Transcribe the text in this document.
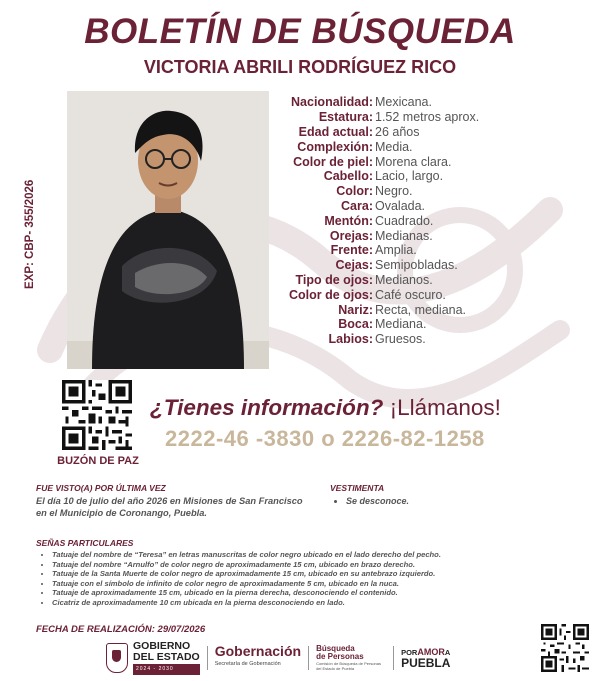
BOLETÍN DE BÚSQUEDA
VICTORIA ABRILI RODRÍGUEZ RICO
EXP: CBP- 355/2026
Nacionalidad: Mexicana.
Estatura: 1.52 metros aprox.
Edad actual: 26 años
Complexión: Media.
Color de piel: Morena clara.
Cabello: Lacio, largo.
Color: Negro.
Cara: Ovalada.
Mentón: Cuadrado.
Orejas: Medianas.
Frente: Amplia.
Cejas: Semipobladas.
Tipo de ojos: Medianos.
Color de ojos: Café oscuro.
Nariz: Recta, mediana.
Boca: Mediana.
Labios: Gruesos.
BUZÓN DE PAZ
¿Tienes información? ¡Llámanos!
2222-46 -3830 o 2226-82-1258
FUE VISTO(A) POR ÚLTIMA VEZ

El día 10 de julio del año 2026 en Misiones de San Francisco en el Municipio de Coronango, Puebla.

VESTIMENTA
• Se desconoce.
SEÑAS PARTICULARES
• Tatuaje del nombre de “Teresa” en letras manuscritas de color negro ubicado en el lado derecho del pecho.
• Tatuaje del nombre “Arnulfo” de color negro de aproximadamente 15 cm, ubicado en brazo derecho.
• Tatuaje de la Santa Muerte de color negro de aproximadamente 15 cm, ubicado en su antebrazo izquierdo.
• Tatuaje con el símbolo de infinito de color negro de aproximadamente 5 cm, ubicado en la nuca.
• Tatuaje de aproximadamente 15 cm, ubicado en la pierna derecha, desconociendo el contenido.
• Cicatriz de aproximadamente 10 cm ubicada en la pierna desconociendo en lado.
FECHA DE REALIZACIÓN: 29/07/2026
GOBIERNO
DEL ESTADO
2024 - 2030
Gobernación
Secretaría de Gobernación
Búsqueda
de Personas
Comisión de Búsqueda de Personas del Estado de Puebla
PORAMORA
PUEBLA
